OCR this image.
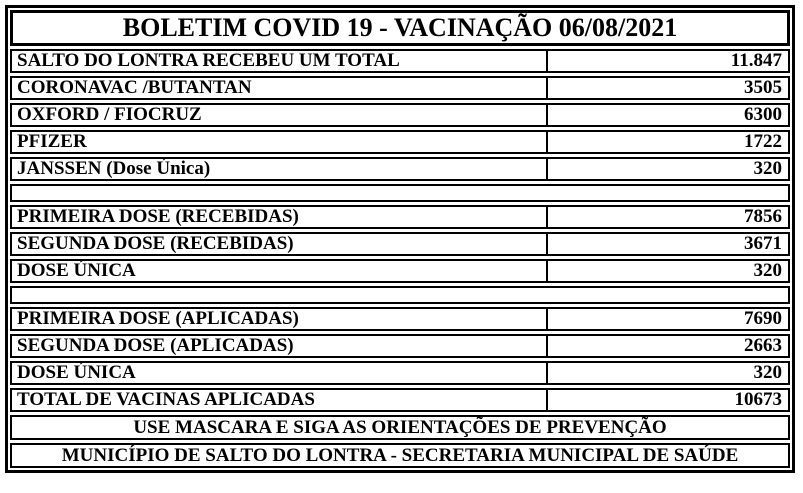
BOLETIM COVID 19 - VACINAÇÃO 06/08/2021
SALTO DO LONTRA RECEBEU UM TOTAL	11.847
CORONAVAC /BUTANTAN	3505
OXFORD / FIOCRUZ	6300
PFIZER	1722
JANSSEN (Dose Única)	320
PRIMEIRA DOSE (RECEBIDAS)	7856
SEGUNDA DOSE (RECEBIDAS)	3671
DOSE ÚNICA	320
PRIMEIRA DOSE (APLICADAS)	7690
SEGUNDA DOSE (APLICADAS)	2663
DOSE ÚNICA	320
TOTAL DE VACINAS APLICADAS	10673
USE MASCARA E SIGA AS ORIENTAÇÕES DE PREVENÇÃO
MUNICÍPIO DE SALTO DO LONTRA - SECRETARIA MUNICIPAL DE SAÚDE
